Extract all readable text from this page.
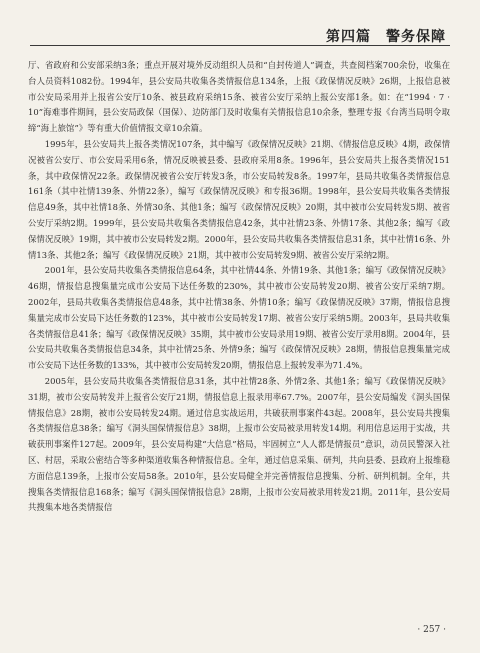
第四篇　警务保障

厅、省政府和公安部采纳3条；重点开展对境外反动组织人员和“自封传道人”调查，共查阅档案700余份，收集在台人员资料1082份。1994年，县公安局共收集各类情报信息134条，上报《政保情况反映》26期，上报信息被市公安局采用并上报省公安厅10条、被县政府采纳15条、被省公安厅采纳上报公安部1条。如：在“1994 · 7 · 10”海难事件期间，县公安局政保（国保）、边防部门及时收集有关情报信息10余条，整理专报《台湾当局明令取缔“海上旅馆”》等有重大价值情报文章10余篇。

1995年，县公安局共上报各类情况107条，其中编写《政保情况反映》21期、《情报信息反映》4期，政保情况被省公安厅、市公安局采用6条，情况反映被县委、县政府采用8条。1996年，县公安局共上报各类情况151条，其中政保情况22条。政保情况被省公安厅转发3条，市公安局转发8条。1997年，县局共收集各类情报信息161条（其中社情139条、外情22条），编写《政保情况反映》和专报36期。1998年，县公安局共收集各类情报信息49条，其中社情18条、外情30条、其他1条；编写《政保情况反映》20期，其中被市公安局转发5期、被省公安厅采纳2期。1999年，县公安局共收集各类情报信息42条，其中社情23条、外情17条、其他2条；编写《政保情况反映》19期，其中被市公安局转发2期。2000年，县公安局共收集各类情报信息31条，其中社情16条、外情13条、其他2条；编写《政保情况反映》21期，其中被市公安局转发9期、被省公安厅采纳2期。

2001年，县公安局共收集各类情报信息64条，其中社情44条、外情19条、其他1条；编写《政保情况反映》46期，情报信息搜集量完成市公安局下达任务数的230%，其中被市公安局转发20期、被省公安厅采纳7期。2002年，县局共收集各类情报信息48条，其中社情38条、外情10条；编写《政保情况反映》37期，情报信息搜集量完成市公安局下达任务数的123%，其中被市公安局转发17期、被省公安厅采纳5期。2003年，县局共收集各类情报信息41条；编写《政保情况反映》35期，其中被市公安局录用19期、被省公安厅录用8期。2004年，县公安局共收集各类情报信息34条，其中社情25条、外情9条；编写《政保情况反映》28期，情报信息搜集量完成市公安局下达任务数的133%，其中被市公安局转发20期，情报信息上报转发率为71.4%。

2005年，县公安局共收集各类情报信息31条，其中社情28条、外情2条、其他1条；编写《政保情况反映》31期，被市公安局转发并上报省公安厅21期，情报信息上报录用率67.7%。2007年，县公安局编发《洞头国保情报信息》28期，被市公安局转发24期。通过信息实战运用，共破获刑事案件43起。2008年，县公安局共搜集各类情报信息38条；编写《洞头国保情报信息》38期，上报市公安局被录用转发14期。利用信息运用于实战，共破获刑事案件127起。2009年，县公安局构建“大信息”格局，牢固树立“人人都是情报员”意识，动员民警深入社区、村居，采取公密结合等多种渠道收集各种情报信息。全年，通过信息采集、研判，共向县委、县政府上报维稳方面信息139条，上报市公安局58条。2010年，县公安局健全并完善情报信息搜集、分析、研判机制。全年，共搜集各类情报信息168条；编写《洞头国保情报信息》28期，上报市公安局被录用转发21期。2011年，县公安局共搜集本地各类情报信

· 257 ·
